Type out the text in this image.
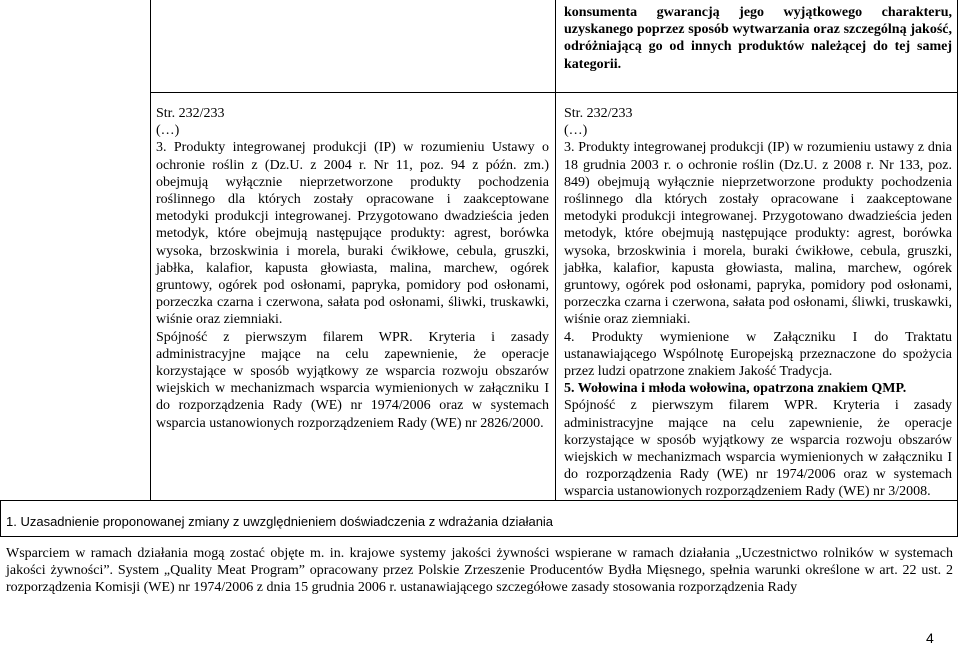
konsumenta gwarancją jego wyjątkowego charakteru, uzyskanego poprzez sposób wytwarzania oraz szczególną jakość, odróżniającą go od innych produktów należącej do tej samej kategorii.

Str. 232/233

(…)

3. Produkty integrowanej produkcji (IP) w rozumieniu Ustawy o

ochronie roślin z (Dz.U. z 2004 r. Nr 11, poz. 94 z późn. zm.)

obejmują wyłącznie nieprzetworzone produkty pochodzenia roślinnego dla których zostały opracowane i zaakceptowane metodyki produkcji integrowanej. Przygotowano dwadzieścia jeden metodyk, które obejmują następujące produkty: agrest, borówka wysoka, brzoskwinia i morela, buraki ćwikłowe, cebula, gruszki, jabłka, kalafior, kapusta głowiasta, malina, marchew, ogórek gruntowy, ogórek pod osłonami, papryka, pomidory pod osłonami, porzeczka czarna i czerwona, sałata pod osłonami, śliwki, truskawki, wiśnie oraz ziemniaki.

Spójność z pierwszym filarem WPR. Kryteria i zasady administracyjne mające na celu zapewnienie, że operacje korzystające w sposób wyjątkowy ze wsparcia rozwoju obszarów wiejskich w mechanizmach wsparcia wymienionych w załączniku I do rozporządzenia Rady (WE) nr 1974/2006 oraz w systemach wsparcia ustanowionych rozporządzeniem Rady (WE) nr 2826/2000.

Str. 232/233

(…)

3. Produkty integrowanej produkcji (IP) w rozumieniu ustawy z dnia 18 grudnia 2003 r. o ochronie roślin (Dz.U. z 2008 r. Nr 133, poz. 849) obejmują wyłącznie nieprzetworzone produkty pochodzenia roślinnego dla których zostały opracowane i zaakceptowane metodyki produkcji integrowanej. Przygotowano dwadzieścia jeden metodyk, które obejmują następujące produkty: agrest, borówka wysoka, brzoskwinia i morela, buraki ćwikłowe, cebula, gruszki, jabłka, kalafior, kapusta głowiasta, malina, marchew, ogórek gruntowy, ogórek pod osłonami, papryka, pomidory pod osłonami, porzeczka czarna i czerwona, sałata pod osłonami, śliwki, truskawki, wiśnie oraz ziemniaki.

4. Produkty wymienione w Załączniku I do Traktatu ustanawiającego Wspólnotę Europejską przeznaczone do spożycia przez ludzi opatrzone znakiem Jakość Tradycja.

5. Wołowina i młoda wołowina, opatrzona znakiem QMP.

Spójność z pierwszym filarem WPR. Kryteria i zasady administracyjne mające na celu zapewnienie, że operacje korzystające w sposób wyjątkowy ze wsparcia rozwoju obszarów wiejskich w mechanizmach wsparcia wymienionych w załączniku I do rozporządzenia Rady (WE) nr 1974/2006 oraz w systemach wsparcia ustanowionych rozporządzeniem Rady (WE) nr 3/2008.

1. Uzasadnienie proponowanej zmiany z uwzględnieniem doświadczenia z wdrażania działania
Wsparciem w ramach działania mogą zostać objęte m. in. krajowe systemy jakości żywności wspierane w ramach działania „Uczestnictwo rolników w systemach jakości żywności”. System „Quality Meat Program” opracowany przez Polskie Zrzeszenie Producentów Bydła Mięsnego, spełnia warunki określone w art. 22 ust. 2 rozporządzenia Komisji (WE) nr 1974/2006 z dnia 15 grudnia 2006 r. ustanawiającego szczegółowe zasady stosowania rozporządzenia Rady
4
